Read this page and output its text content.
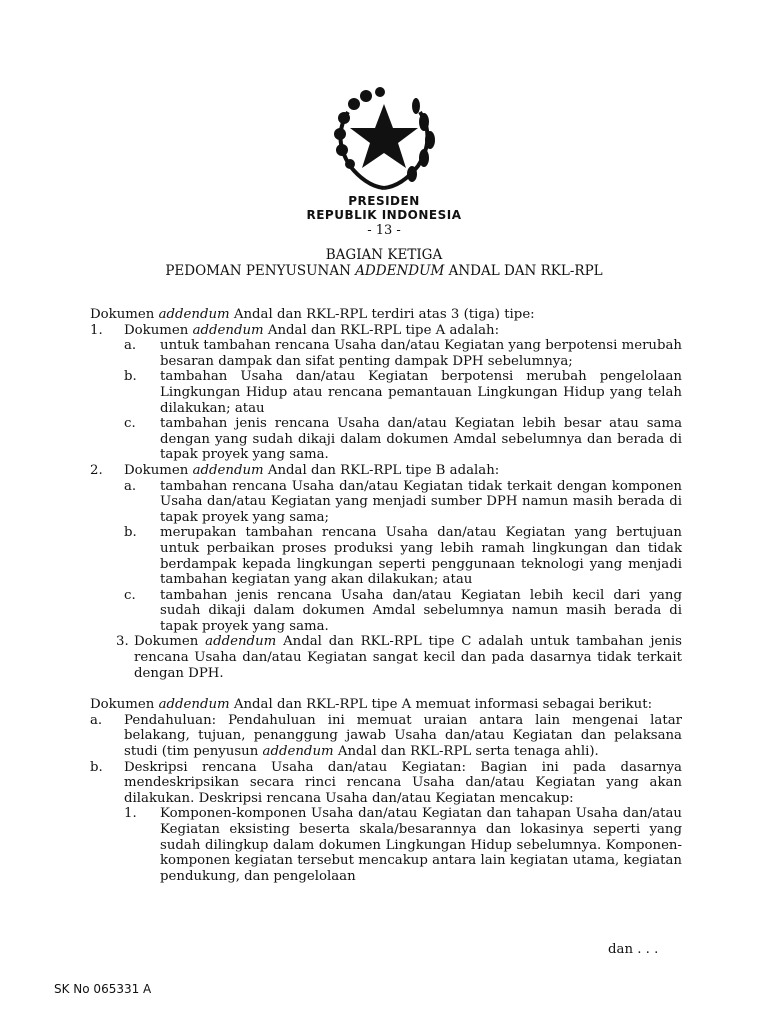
PRESIDEN
REPUBLIK INDONESIA
- 13 -
BAGIAN KETIGA
PEDOMAN PENYUSUNAN ADDENDUM ANDAL DAN RKL-RPL
Dokumen addendum Andal dan RKL-RPL terdiri atas 3 (tiga) tipe:
1.	Dokumen addendum Andal dan RKL-RPL tipe A adalah:
a.	untuk tambahan rencana Usaha dan/atau Kegiatan yang berpotensi merubah besaran dampak dan sifat penting dampak DPH sebelumnya;
b.	tambahan Usaha dan/atau Kegiatan berpotensi merubah pengelolaan Lingkungan Hidup atau rencana pemantauan Lingkungan Hidup yang telah dilakukan; atau
c.	tambahan jenis rencana Usaha dan/atau Kegiatan lebih besar atau sama dengan yang sudah dikaji dalam dokumen Amdal sebelumnya dan berada di tapak proyek yang sama.
2.	Dokumen addendum Andal dan RKL-RPL tipe B adalah:
a.	tambahan rencana Usaha dan/atau Kegiatan tidak terkait dengan komponen Usaha dan/atau Kegiatan yang menjadi sumber DPH namun masih berada di tapak proyek yang sama;
b.	merupakan tambahan rencana Usaha dan/atau Kegiatan yang bertujuan untuk perbaikan proses produksi yang lebih ramah lingkungan dan tidak berdampak kepada lingkungan seperti penggunaan teknologi yang menjadi tambahan kegiatan yang akan dilakukan; atau
c.	tambahan jenis rencana Usaha dan/atau Kegiatan lebih kecil dari yang sudah dikaji dalam dokumen Amdal sebelumnya namun masih berada di tapak proyek yang sama.
3. Dokumen addendum Andal dan RKL-RPL tipe C adalah untuk tambahan jenis rencana Usaha dan/atau Kegiatan sangat kecil dan pada dasarnya tidak terkait dengan DPH.
Dokumen addendum Andal dan RKL-RPL tipe A memuat informasi sebagai berikut:
a.	Pendahuluan: Pendahuluan ini memuat uraian antara lain mengenai latar belakang, tujuan, penanggung jawab Usaha dan/atau Kegiatan dan pelaksana studi (tim penyusun addendum Andal dan RKL-RPL serta tenaga ahli).
b.	Deskripsi rencana Usaha dan/atau Kegiatan: Bagian ini pada dasarnya mendeskripsikan secara rinci rencana Usaha dan/atau Kegiatan yang akan dilakukan. Deskripsi rencana Usaha dan/atau Kegiatan mencakup:
1.	Komponen-komponen Usaha dan/atau Kegiatan dan tahapan Usaha dan/atau Kegiatan eksisting beserta skala/besarannya dan lokasinya seperti yang sudah dilingkup dalam dokumen Lingkungan Hidup sebelumnya. Komponen-komponen kegiatan tersebut mencakup antara lain kegiatan utama, kegiatan pendukung, dan pengelolaan
dan . . .
SK No 065331 A
